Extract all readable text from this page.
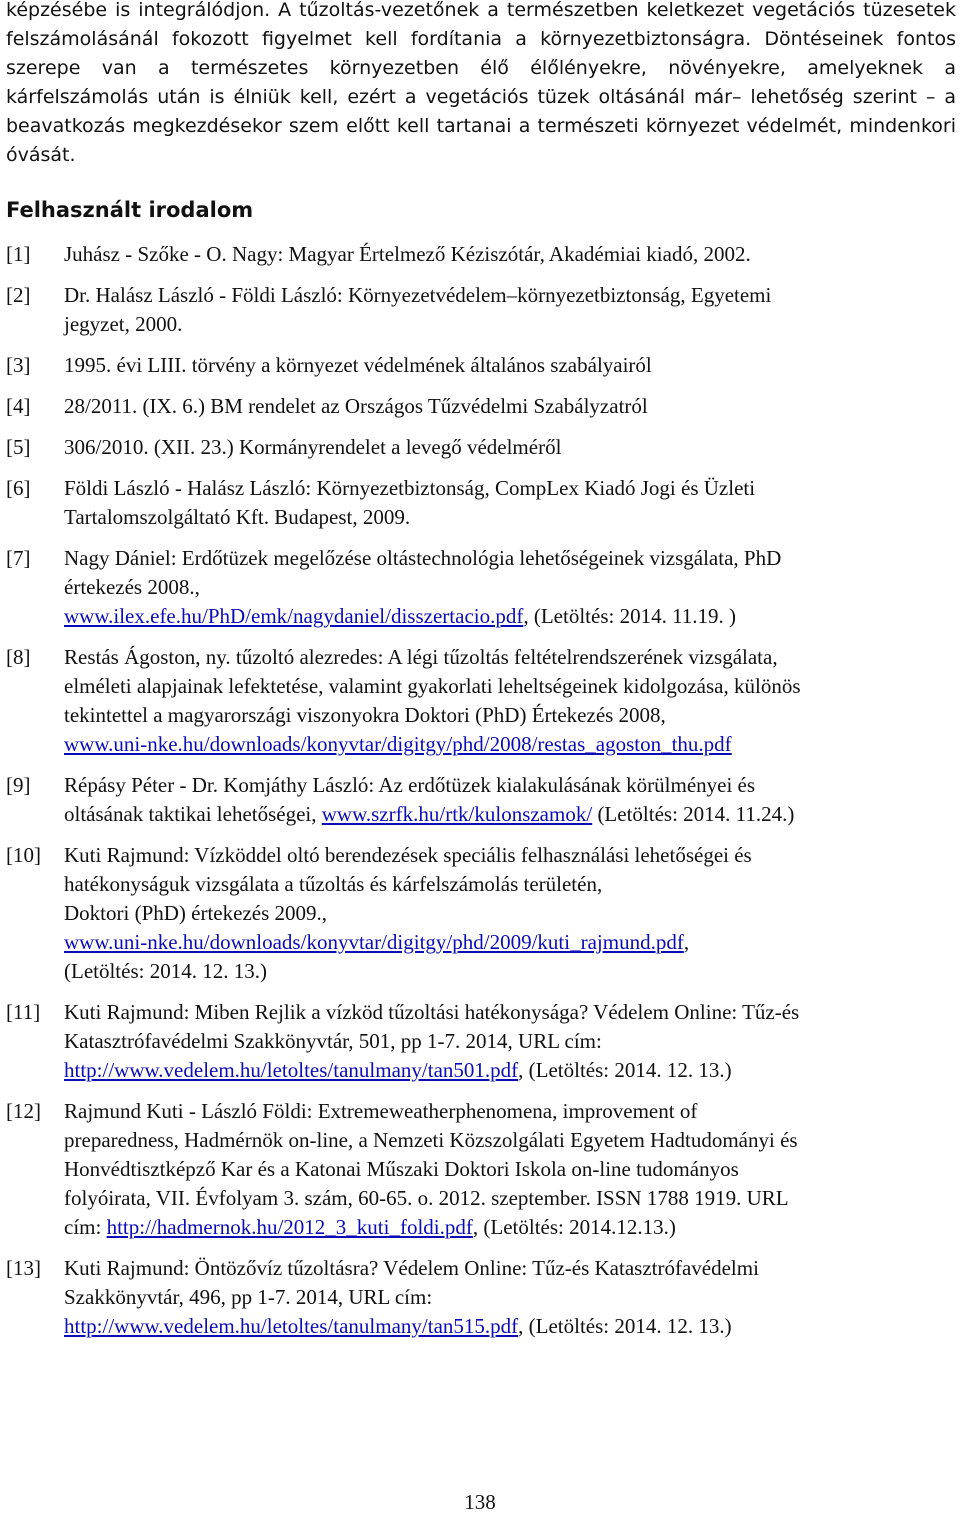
képzésébe is integrálódjon. A tűzoltás-vezetőnek a természetben keletkezet vegetációs tüzesetek felszámolásánál fokozott figyelmet kell fordítania a környezetbiztonságra. Döntéseinek fontos szerepe van a természetes környezetben élő élőlényekre, növényekre, amelyeknek a kárfelszámolás után is élniük kell, ezért a vegetációs tüzek oltásánál már– lehetőség szerint – a beavatkozás megkezdésekor szem előtt kell tartanai a természeti környezet védelmét, mindenkori óvását.

Felhasznált irodalom
[1] Juhász - Szőke - O. Nagy: Magyar Értelmező Kéziszótár, Akadémiai kiadó, 2002.
[2] Dr. Halász László - Földi László: Környezetvédelem–környezetbiztonság, Egyetemi
jegyzet, 2000.
[3] 1995. évi LIII. törvény a környezet védelmének általános szabályairól
[4] 28/2011. (IX. 6.) BM rendelet az Országos Tűzvédelmi Szabályzatról
[5] 306/2010. (XII. 23.) Kormányrendelet a levegő védelméről
[6] Földi László - Halász László: Környezetbiztonság, CompLex Kiadó Jogi és Üzleti
Tartalomszolgáltató Kft. Budapest, 2009.
[7] Nagy Dániel: Erdőtüzek megelőzése oltástechnológia lehetőségeinek vizsgálata, PhD
értekezés 2008.,
www.ilex.efe.hu/PhD/emk/nagydaniel/disszertacio.pdf, (Letöltés: 2014. 11.19. )
[8] Restás Ágoston, ny. tűzoltó alezredes: A légi tűzoltás feltételrendszerének vizsgálata,
elméleti alapjainak lefektetése, valamint gyakorlati leheltségeinek kidolgozása, különös
tekintettel a magyarországi viszonyokra Doktori (PhD) Értekezés 2008,
www.uni-nke.hu/downloads/konyvtar/digitgy/phd/2008/restas_agoston_thu.pdf
[9] Répásy Péter - Dr. Komjáthy László: Az erdőtüzek kialakulásának körülményei és
oltásának taktikai lehetőségei, www.szrfk.hu/rtk/kulonszamok/ (Letöltés: 2014. 11.24.)
[10] Kuti Rajmund: Vízköddel oltó berendezések speciális felhasználási lehetőségei és
hatékonyságuk vizsgálata a tűzoltás és kárfelszámolás területén,
Doktori (PhD) értekezés 2009.,
www.uni-nke.hu/downloads/konyvtar/digitgy/phd/2009/kuti_rajmund.pdf,
(Letöltés: 2014. 12. 13.)
[11] Kuti Rajmund: Miben Rejlik a vízköd tűzoltási hatékonysága? Védelem Online: Tűz-és
Katasztrófavédelmi Szakkönyvtár, 501, pp 1-7. 2014, URL cím:
http://www.vedelem.hu/letoltes/tanulmany/tan501.pdf, (Letöltés: 2014. 12. 13.)
[12] Rajmund Kuti - László Földi: Extremeweatherphenomena, improvement of
preparedness, Hadmérnök on-line, a Nemzeti Közszolgálati Egyetem Hadtudományi és
Honvédtisztképző Kar és a Katonai Műszaki Doktori Iskola on-line tudományos
folyóirata, VII. Évfolyam 3. szám, 60-65. o. 2012. szeptember. ISSN 1788 1919. URL
cím: http://hadmernok.hu/2012_3_kuti_foldi.pdf, (Letöltés: 2014.12.13.)
[13] Kuti Rajmund: Öntözővíz tűzoltásra? Védelem Online: Tűz-és Katasztrófavédelmi
Szakkönyvtár, 496, pp 1-7. 2014, URL cím:
http://www.vedelem.hu/letoltes/tanulmany/tan515.pdf, (Letöltés: 2014. 12. 13.)
138
